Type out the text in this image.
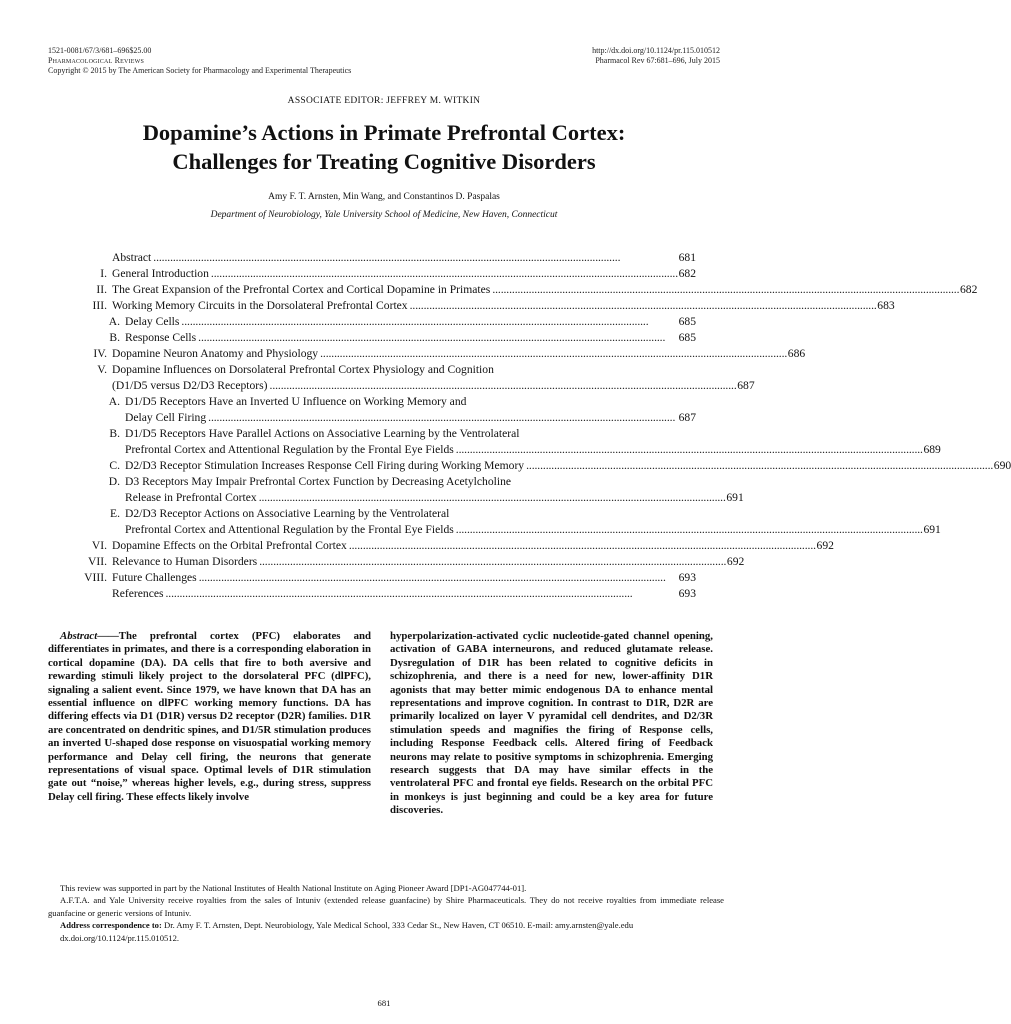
1521-0081/67/3/681–696$25.00
Pharmacological Reviews
Copyright © 2015 by The American Society for Pharmacology and Experimental Therapeutics
http://dx.doi.org/10.1124/pr.115.010512
Pharmacol Rev 67:681–696, July 2015
ASSOCIATE EDITOR: JEFFREY M. WITKIN
Dopamine’s Actions in Primate Prefrontal Cortex:
Challenges for Treating Cognitive Disorders
Amy F. T. Arnsten, Min Wang, and Constantinos D. Paspalas
Department of Neurobiology, Yale University School of Medicine, New Haven, Connecticut
Abstract . . .	681
I. General Introduction . . .	682
II. The Great Expansion of the Prefrontal Cortex and Cortical Dopamine in Primates . . .	682
III. Working Memory Circuits in the Dorsolateral Prefrontal Cortex . . .	683
A. Delay Cells . . .	685
B. Response Cells . . .	685
IV. Dopamine Neuron Anatomy and Physiology . . .	686
V. Dopamine Influences on Dorsolateral Prefrontal Cortex Physiology and Cognition
(D1/D5 versus D2/D3 Receptors) . . .	687
A. D1/D5 Receptors Have an Inverted U Influence on Working Memory and
Delay Cell Firing . . .	687
B. D1/D5 Receptors Have Parallel Actions on Associative Learning by the Ventrolateral
Prefrontal Cortex and Attentional Regulation by the Frontal Eye Fields . . .	689
C. D2/D3 Receptor Stimulation Increases Response Cell Firing during Working Memory . . .	690
D. D3 Receptors May Impair Prefrontal Cortex Function by Decreasing Acetylcholine
Release in Prefrontal Cortex . . .	691
E. D2/D3 Receptor Actions on Associative Learning by the Ventrolateral
Prefrontal Cortex and Attentional Regulation by the Frontal Eye Fields . . .	691
VI. Dopamine Effects on the Orbital Prefrontal Cortex . . .	692
VII. Relevance to Human Disorders . . .	692
VIII. Future Challenges . . .	693
References . . .	693
Abstract——The prefrontal cortex (PFC) elaborates and differentiates in primates, and there is a corresponding elaboration in cortical dopamine (DA). DA cells that fire to both aversive and rewarding stimuli likely project to the dorsolateral PFC (dlPFC), signaling a salient event. Since 1979, we have known that DA has an essential influence on dlPFC working memory functions. DA has differing effects via D1 (D1R) versus D2 receptor (D2R) families. D1R are concentrated on dendritic spines, and D1/5R stimulation produces an inverted U-shaped dose response on visuospatial working memory performance and Delay cell firing, the neurons that generate representations of visual space. Optimal levels of D1R stimulation gate out “noise,” whereas higher levels, e.g., during stress, suppress Delay cell firing. These effects likely involve
hyperpolarization-activated cyclic nucleotide-gated channel opening, activation of GABA interneurons, and reduced glutamate release. Dysregulation of D1R has been related to cognitive deficits in schizophrenia, and there is a need for new, lower-affinity D1R agonists that may better mimic endogenous DA to enhance mental representations and improve cognition. In contrast to D1R, D2R are primarily localized on layer V pyramidal cell dendrites, and D2/3R stimulation speeds and magnifies the firing of Response cells, including Response Feedback cells. Altered firing of Feedback neurons may relate to positive symptoms in schizophrenia. Emerging research suggests that DA may have similar effects in the ventrolateral PFC and frontal eye fields. Research on the orbital PFC in monkeys is just beginning and could be a key area for future discoveries.

This review was supported in part by the National Institutes of Health National Institute on Aging Pioneer Award [DP1-AG047744-01].

A.F.T.A. and Yale University receive royalties from the sales of Intuniv (extended release guanfacine) by Shire Pharmaceuticals. They do not receive royalties from immediate release guanfacine or generic versions of Intuniv.

Address correspondence to: Dr. Amy F. T. Arnsten, Dept. Neurobiology, Yale Medical School, 333 Cedar St., New Haven, CT 06510. E-mail: amy.arnsten@yale.edu

dx.doi.org/10.1124/pr.115.010512.

681
